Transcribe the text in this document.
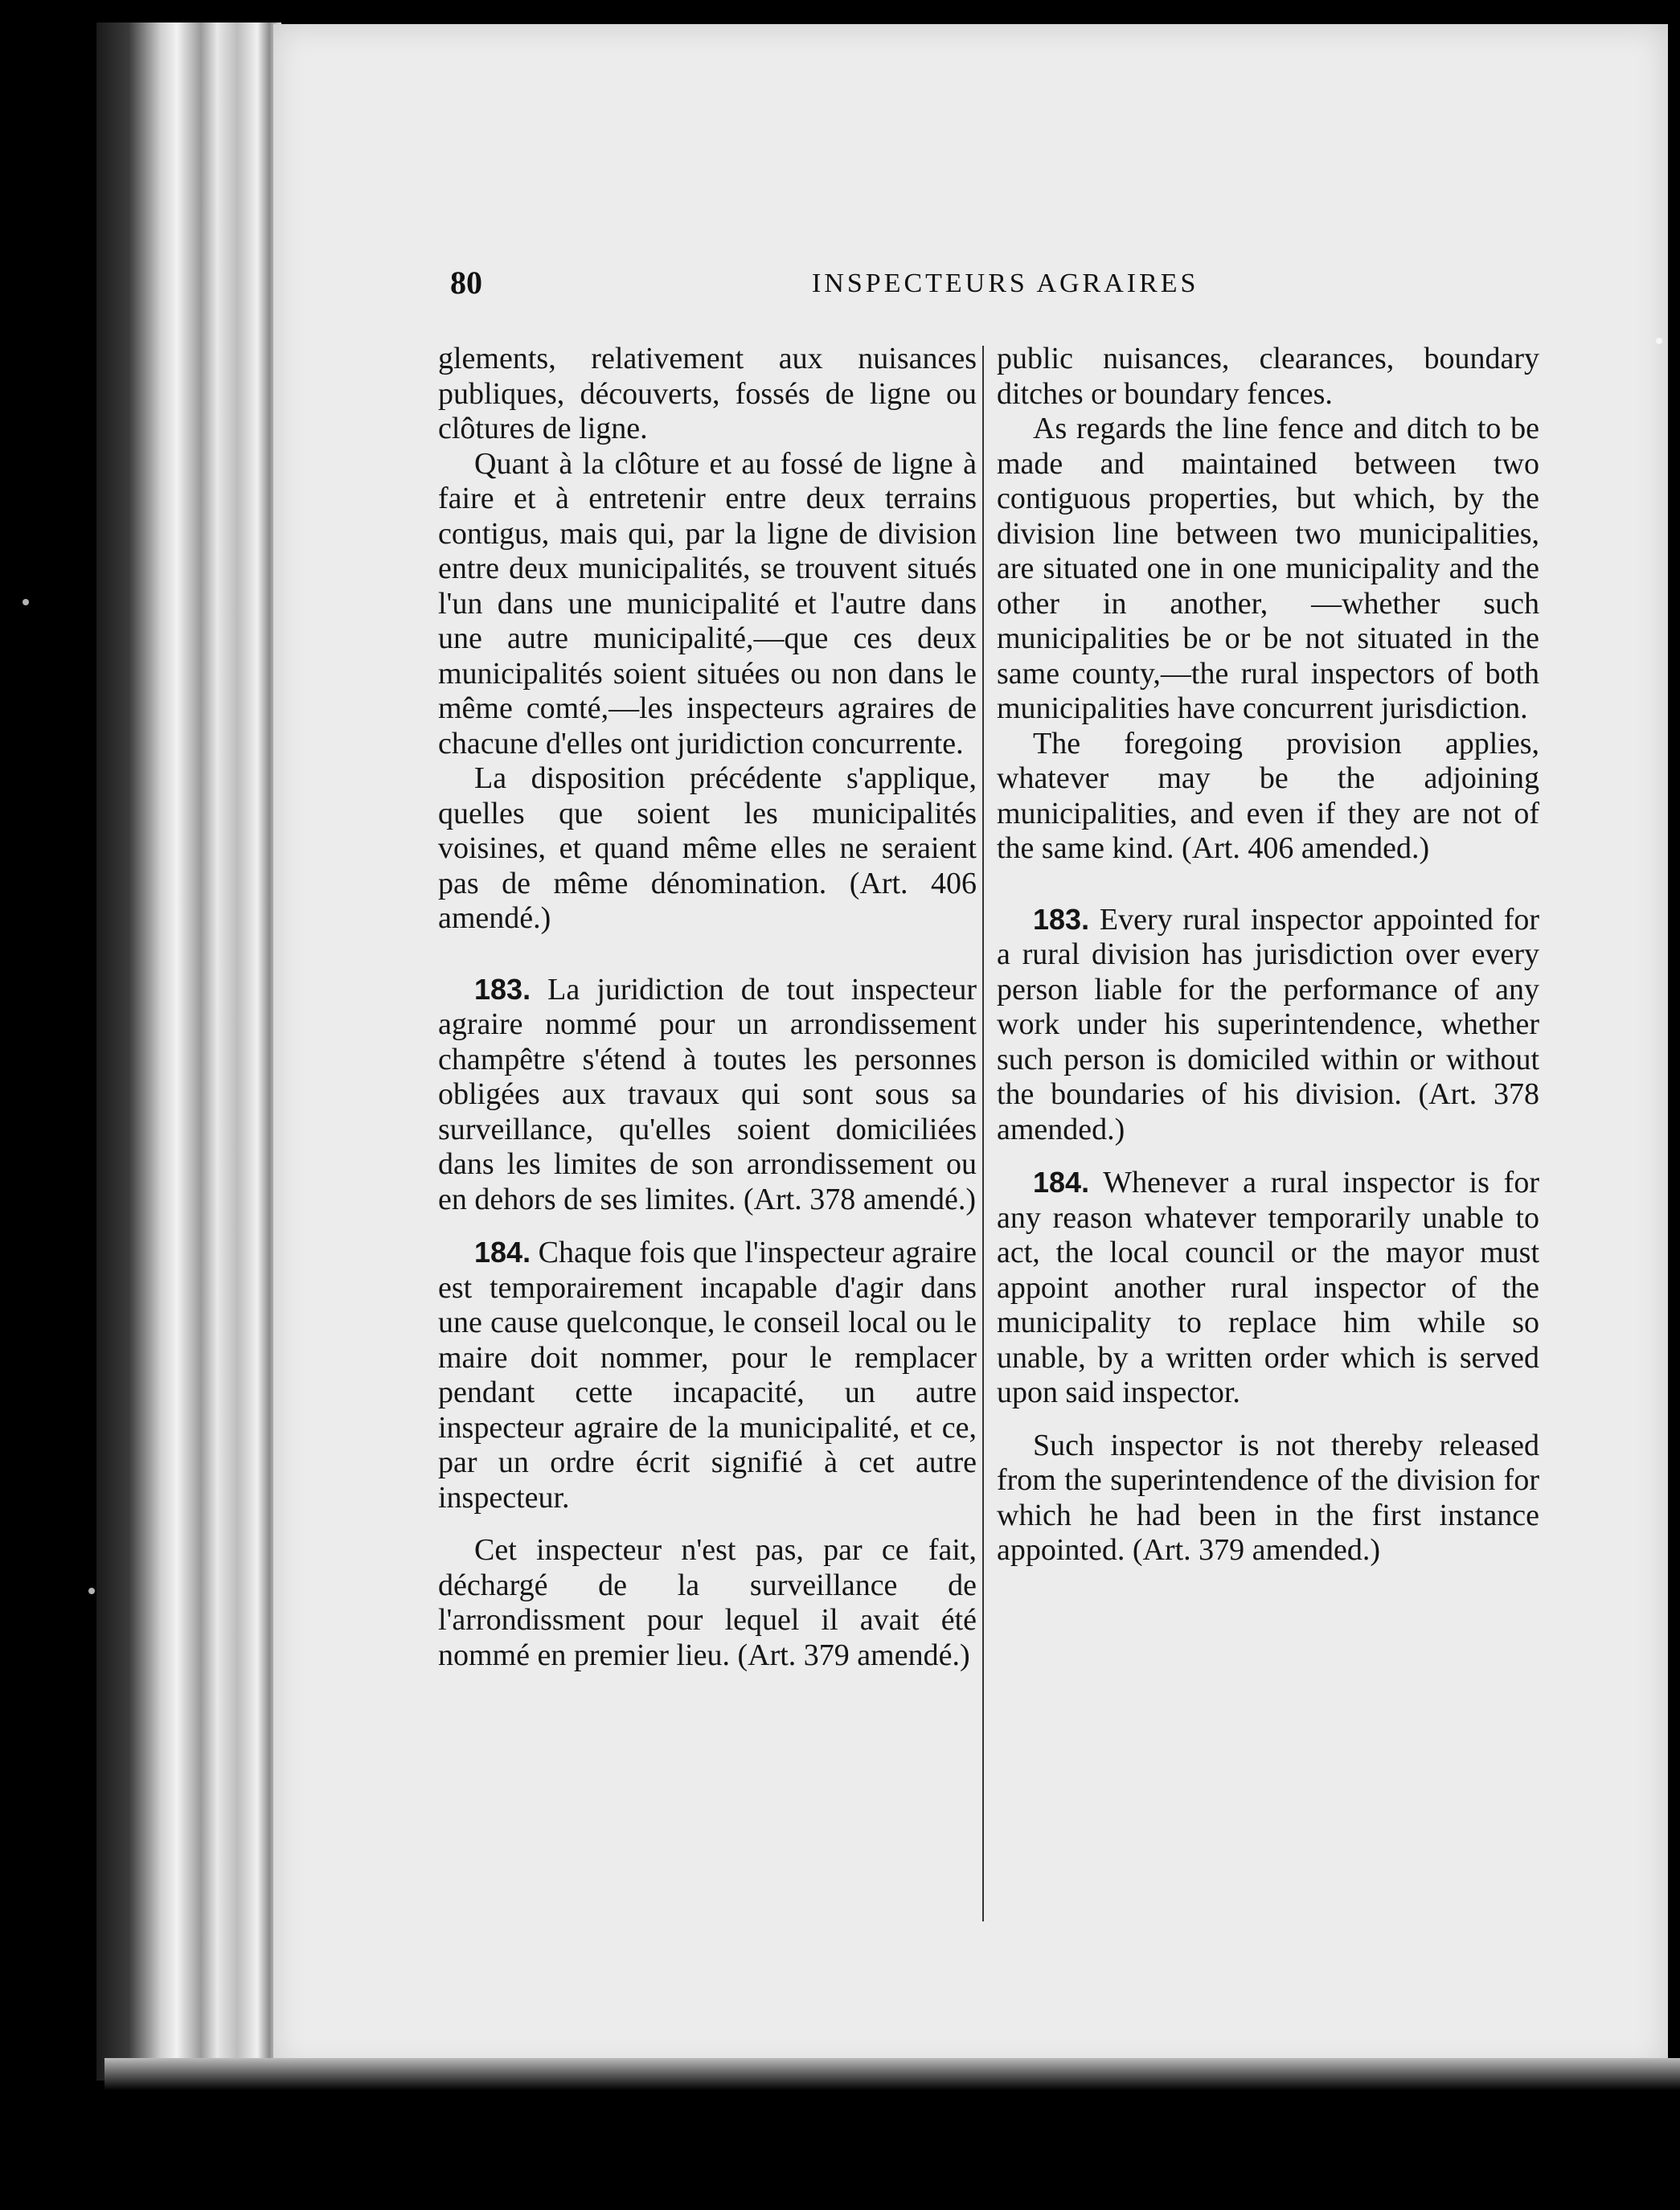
80	INSPECTEURS AGRAIRES

glements, relativement aux nuisances publiques, découverts, fossés de ligne ou clôtures de ligne.

Quant à la clôture et au fossé de ligne à faire et à entretenir entre deux terrains contigus, mais qui, par la ligne de division entre deux municipalités, se trouvent situés l'un dans une municipalité et l'autre dans une autre municipalité,—que ces deux municipalités soient situées ou non dans le même comté,—les inspecteurs agraires de chacune d'elles ont juridiction concurrente.

La disposition précédente s'applique, quelles que soient les municipalités voisines, et quand même elles ne seraient pas de même dénomination. (Art. 406 amendé.)

183. La juridiction de tout inspecteur agraire nommé pour un arrondissement champêtre s'étend à toutes les personnes obligées aux travaux qui sont sous sa surveillance, qu'elles soient domiciliées dans les limites de son arrondissement ou en dehors de ses limites. (Art. 378 amendé.)

184. Chaque fois que l'inspecteur agraire est temporairement incapable d'agir dans une cause quelconque, le conseil local ou le maire doit nommer, pour le remplacer pendant cette incapacité, un autre inspecteur agraire de la municipalité, et ce, par un ordre écrit signifié à cet autre inspecteur.

Cet inspecteur n'est pas, par ce fait, déchargé de la surveillance de l'arrondissment pour lequel il avait été nommé en premier lieu. (Art. 379 amendé.)

public nuisances, clearances, boundary ditches or boundary fences.

As regards the line fence and ditch to be made and maintained between two contiguous properties, but which, by the division line between two municipalities, are situated one in one municipality and the other in another, —whether such municipalities be or be not situated in the same county,—the rural inspectors of both municipalities have concurrent jurisdiction.

The foregoing provision applies, whatever may be the adjoining municipalities, and even if they are not of the same kind. (Art. 406 amended.)

183. Every rural inspector appointed for a rural division has jurisdiction over every person liable for the performance of any work under his superintendence, whether such person is domiciled within or without the boundaries of his division. (Art. 378 amended.)

184. Whenever a rural inspector is for any reason whatever temporarily unable to act, the local council or the mayor must appoint another rural inspector of the municipality to replace him while so unable, by a written order which is served upon said inspector.

Such inspector is not thereby released from the superintendence of the division for which he had been in the first instance appointed. (Art. 379 amended.)
